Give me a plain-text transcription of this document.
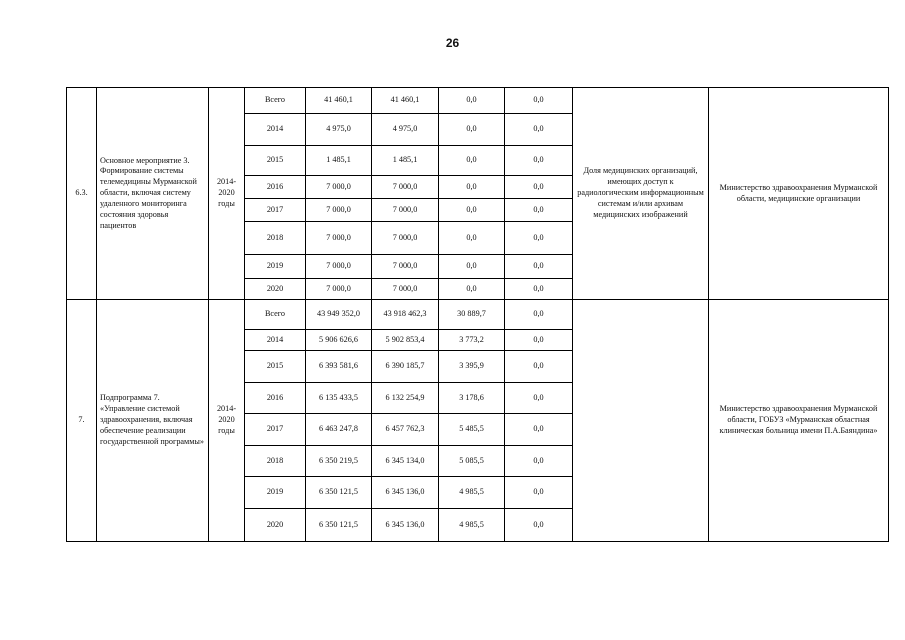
26
6.3.	Основное мероприятие 3. Формирование системы телемедицины Мурманской области, включая систему удаленного мониторинга состояния здоровья пациентов	2014-2020 годы	Всего	41 460,1	41 460,1	0,0	0,0	Доля медицинских организаций, имеющих доступ к радиологическим информационным системам и/или архивам медицинских изображений	Министерство здравоохранения Мурманской области, медицинские организации
			2014	4 975,0	4 975,0	0,0	0,0		
			2015	1 485,1	1 485,1	0,0	0,0		
			2016	7 000,0	7 000,0	0,0	0,0		
			2017	7 000,0	7 000,0	0,0	0,0		
			2018	7 000,0	7 000,0	0,0	0,0		
			2019	7 000,0	7 000,0	0,0	0,0		
			2020	7 000,0	7 000,0	0,0	0,0		
7.	Подпрограмма 7. «Управление системой здравоохранения, включая обеспечение реализации государственной программы»	2014-2020 годы	Всего	43 949 352,0	43 918 462,3	30 889,7	0,0		Министерство здравоохранения Мурманской области, ГОБУЗ «Мурманская областная клиническая больница имени П.А.Баяндина»
			2014	5 906 626,6	5 902 853,4	3 773,2	0,0		
			2015	6 393 581,6	6 390 185,7	3 395,9	0,0		
			2016	6 135 433,5	6 132 254,9	3 178,6	0,0		
			2017	6 463 247,8	6 457 762,3	5 485,5	0,0		
			2018	6 350 219,5	6 345 134,0	5 085,5	0,0		
			2019	6 350 121,5	6 345 136,0	4 985,5	0,0		
			2020	6 350 121,5	6 345 136,0	4 985,5	0,0		
